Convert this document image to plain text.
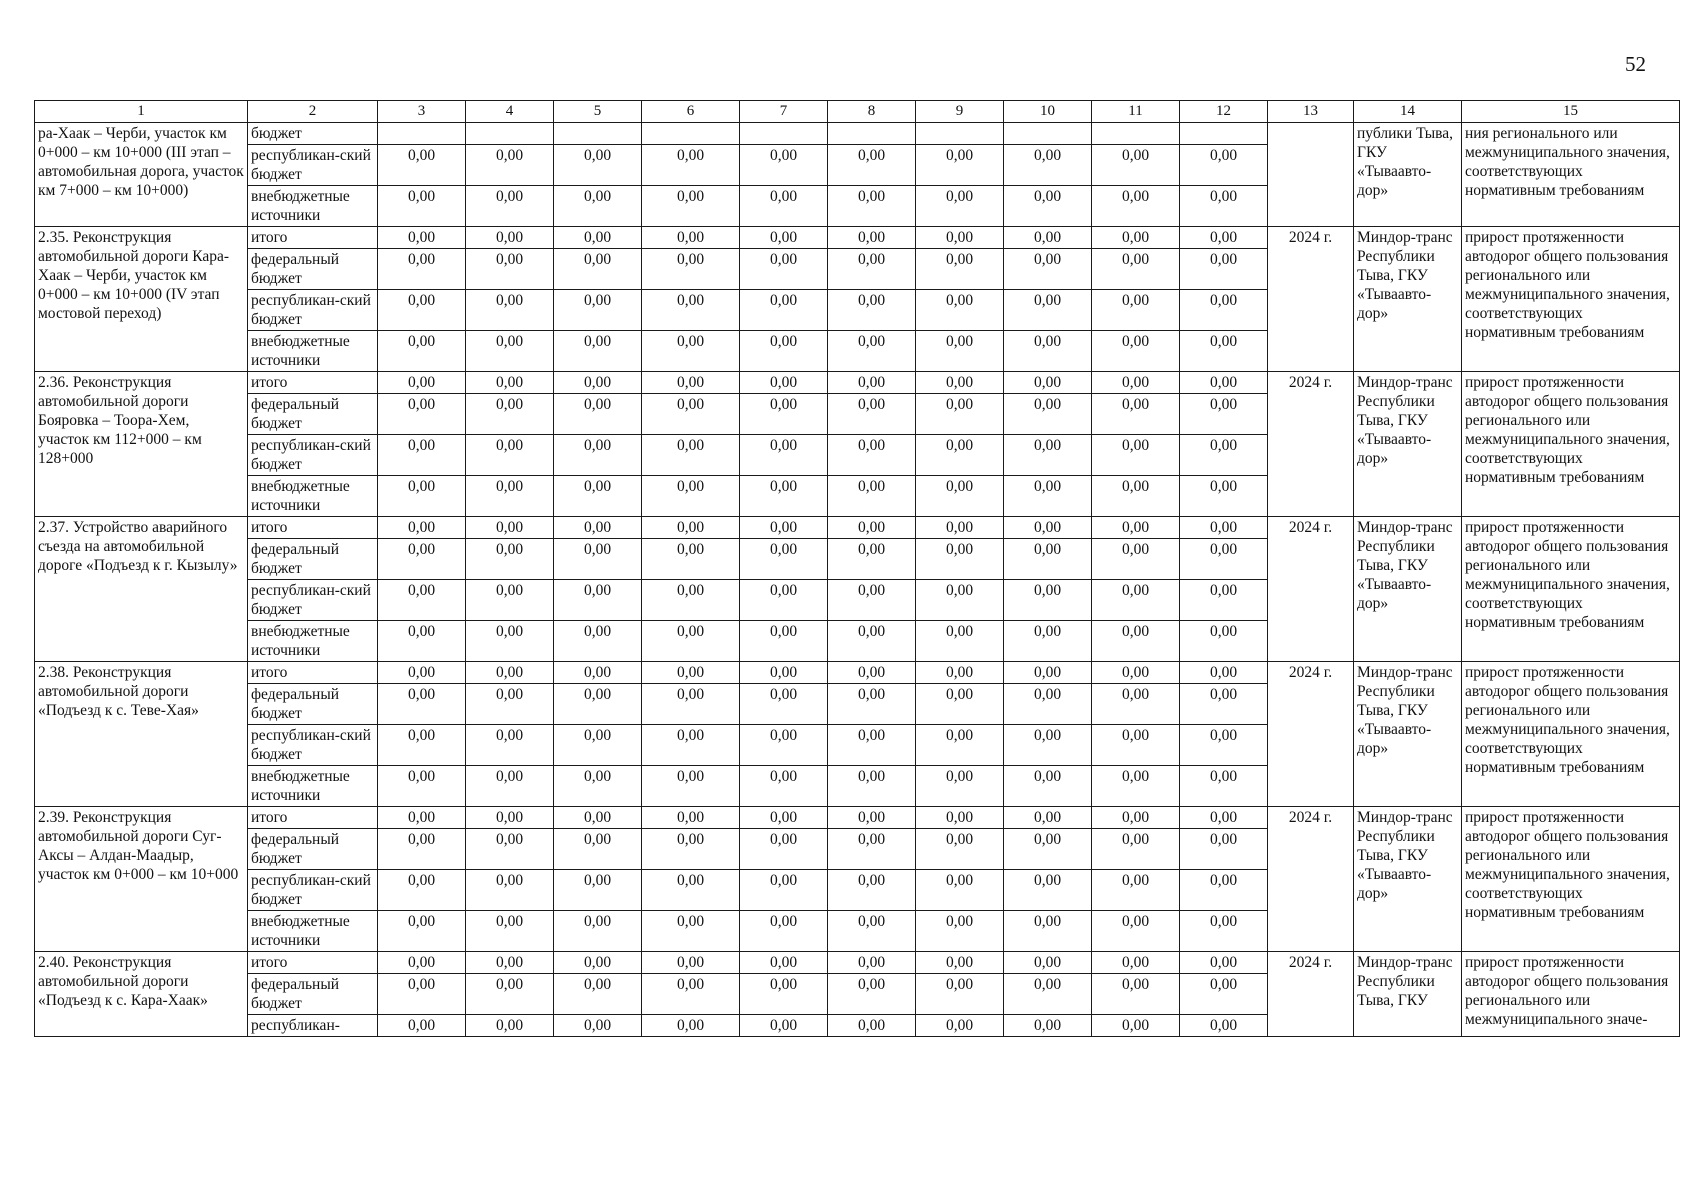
52
1	2	3	4	5	6	7	8	9	10	11	12	13	14	15
ра-Хаак – Черби, участок км 0+000 – км 10+000 (III этап – автомобильная дорога, участок км 7+000 – км 10+000)	бюджет												публики Тыва, ГКУ «Тываавто-дор»	ния регионального или межмуниципального значения, соответствующих нормативным требованиям
	республикан-ский бюджет	0,00	0,00	0,00	0,00	0,00	0,00	0,00	0,00	0,00	0,00			
	внебюджетные источники	0,00	0,00	0,00	0,00	0,00	0,00	0,00	0,00	0,00	0,00			
2.35. Реконструкция автомобильной дороги Кара-Хаак – Черби, участок км 0+000 – км 10+000 (IV этап мостовой переход)	итого	0,00	0,00	0,00	0,00	0,00	0,00	0,00	0,00	0,00	0,00	2024 г.	Миндор-транс Республики Тыва, ГКУ «Тываавто-дор»	прирост протяженности автодорог общего пользования регионального или межмуниципального значения, соответствующих нормативным требованиям
	федеральный бюджет	0,00	0,00	0,00	0,00	0,00	0,00	0,00	0,00	0,00	0,00			
	республикан-ский бюджет	0,00	0,00	0,00	0,00	0,00	0,00	0,00	0,00	0,00	0,00			
	внебюджетные источники	0,00	0,00	0,00	0,00	0,00	0,00	0,00	0,00	0,00	0,00			
2.36. Реконструкция автомобильной дороги Бояровка – Тоора-Хем, участок км 112+000 – км 128+000	итого	0,00	0,00	0,00	0,00	0,00	0,00	0,00	0,00	0,00	0,00	2024 г.	Миндор-транс Республики Тыва, ГКУ «Тываавто-дор»	прирост протяженности автодорог общего пользования регионального или межмуниципального значения, соответствующих нормативным требованиям
	федеральный бюджет	0,00	0,00	0,00	0,00	0,00	0,00	0,00	0,00	0,00	0,00			
	республикан-ский бюджет	0,00	0,00	0,00	0,00	0,00	0,00	0,00	0,00	0,00	0,00			
	внебюджетные источники	0,00	0,00	0,00	0,00	0,00	0,00	0,00	0,00	0,00	0,00			
2.37. Устройство аварийного съезда на автомобильной дороге «Подъезд к г. Кызылу»	итого	0,00	0,00	0,00	0,00	0,00	0,00	0,00	0,00	0,00	0,00	2024 г.	Миндор-транс Республики Тыва, ГКУ «Тываавто-дор»	прирост протяженности автодорог общего пользования регионального или межмуниципального значения, соответствующих нормативным требованиям
	федеральный бюджет	0,00	0,00	0,00	0,00	0,00	0,00	0,00	0,00	0,00	0,00			
	республикан-ский бюджет	0,00	0,00	0,00	0,00	0,00	0,00	0,00	0,00	0,00	0,00			
	внебюджетные источники	0,00	0,00	0,00	0,00	0,00	0,00	0,00	0,00	0,00	0,00			
2.38. Реконструкция автомобильной дороги «Подъезд к с. Теве-Хая»	итого	0,00	0,00	0,00	0,00	0,00	0,00	0,00	0,00	0,00	0,00	2024 г.	Миндор-транс Республики Тыва, ГКУ «Тываавто-дор»	прирост протяженности автодорог общего пользования регионального или межмуниципального значения, соответствующих нормативным требованиям
	федеральный бюджет	0,00	0,00	0,00	0,00	0,00	0,00	0,00	0,00	0,00	0,00			
	республикан-ский бюджет	0,00	0,00	0,00	0,00	0,00	0,00	0,00	0,00	0,00	0,00			
	внебюджетные источники	0,00	0,00	0,00	0,00	0,00	0,00	0,00	0,00	0,00	0,00			
2.39. Реконструкция автомобильной дороги Суг-Аксы – Алдан-Маадыр, участок км 0+000 – км 10+000	итого	0,00	0,00	0,00	0,00	0,00	0,00	0,00	0,00	0,00	0,00	2024 г.	Миндор-транс Республики Тыва, ГКУ «Тываавто-дор»	прирост протяженности автодорог общего пользования регионального или межмуниципального значения, соответствующих нормативным требованиям
	федеральный бюджет	0,00	0,00	0,00	0,00	0,00	0,00	0,00	0,00	0,00	0,00			
	республикан-ский бюджет	0,00	0,00	0,00	0,00	0,00	0,00	0,00	0,00	0,00	0,00			
	внебюджетные источники	0,00	0,00	0,00	0,00	0,00	0,00	0,00	0,00	0,00	0,00			
2.40. Реконструкция автомобильной дороги «Подъезд к с. Кара-Хаак»	итого	0,00	0,00	0,00	0,00	0,00	0,00	0,00	0,00	0,00	0,00	2024 г.	Миндор-транс Республики Тыва, ГКУ	прирост протяженности автодорог общего пользования регионального или межмуниципального значе-
	федеральный бюджет	0,00	0,00	0,00	0,00	0,00	0,00	0,00	0,00	0,00	0,00			
	республикан-	0,00	0,00	0,00	0,00	0,00	0,00	0,00	0,00	0,00	0,00			
